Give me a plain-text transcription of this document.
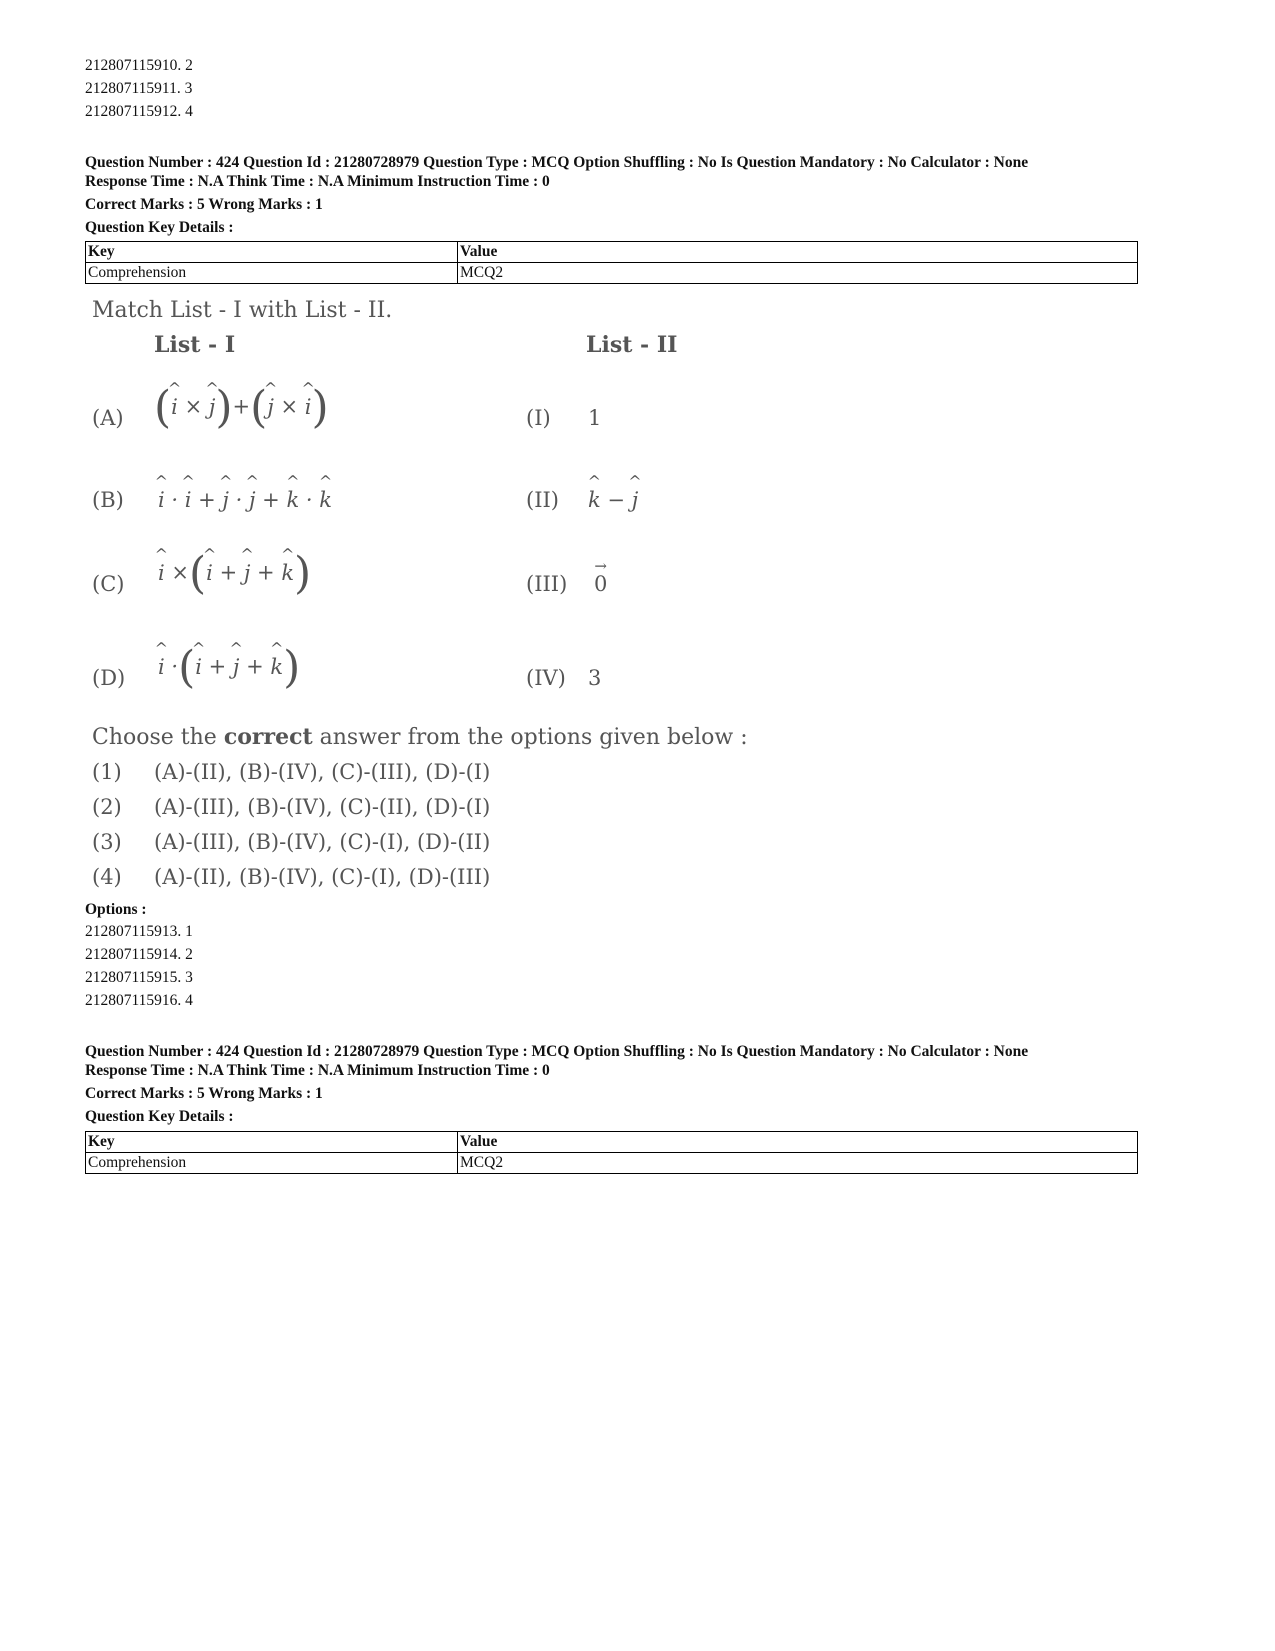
212807115910. 2
212807115911. 3
212807115912. 4
Question Number : 424 Question Id : 21280728979 Question Type : MCQ Option Shuffling : No Is Question Mandatory : No Calculator : None
Response Time : N.A Think Time : N.A Minimum Instruction Time : 0
Correct Marks : 5 Wrong Marks : 1
Question Key Details :
Key	Value
Comprehension	MCQ2
Match List - I with List - II.
List - I	List - II
(A) (^ i × ^ j)+(^ j × ^ i)	(I) 1
(B) ^ i · ^ i + ^ j · ^ j + ^ k · ^ k	(II) ^ k − ^ j
(C) ^ i ×(^ i + ^ j + ^ k)	(III) → 0
(D) ^ i ·(^ i + ^ j + ^ k)	(IV) 3
Choose the correct answer from the options given below :
(1) (A)-(II), (B)-(IV), (C)-(III), (D)-(I)
(2) (A)-(III), (B)-(IV), (C)-(II), (D)-(I)
(3) (A)-(III), (B)-(IV), (C)-(I), (D)-(II)
(4) (A)-(II), (B)-(IV), (C)-(I), (D)-(III)
Options :
212807115913. 1
212807115914. 2
212807115915. 3
212807115916. 4
Question Number : 424 Question Id : 21280728979 Question Type : MCQ Option Shuffling : No Is Question Mandatory : No Calculator : None
Response Time : N.A Think Time : N.A Minimum Instruction Time : 0
Correct Marks : 5 Wrong Marks : 1
Question Key Details :
Key	Value
Comprehension	MCQ2
